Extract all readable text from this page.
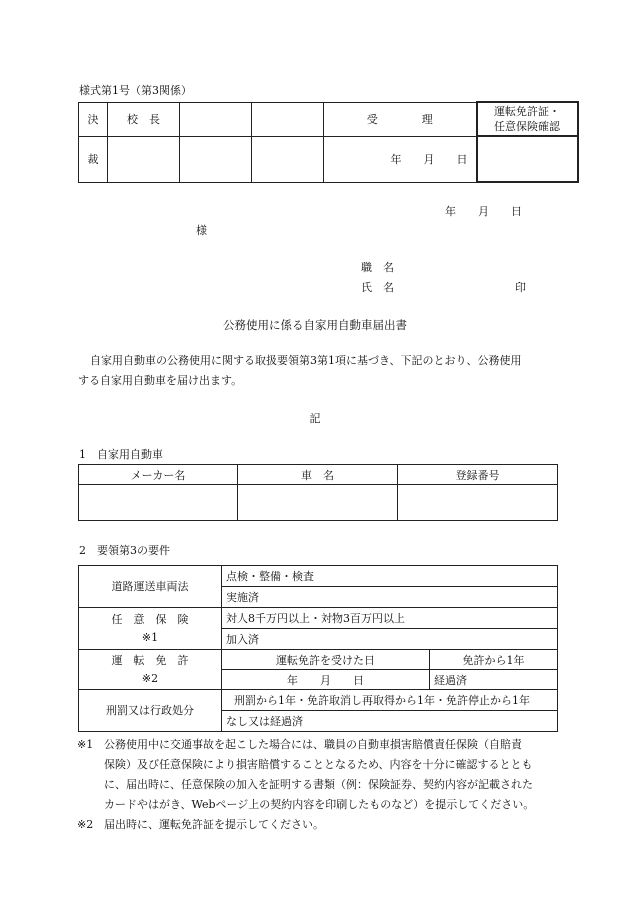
様式第1号（第3関係）
決	校　長			受　　　　理	運転免許証・
任意保険確認

裁				年　　月　　日	
年　　月　　日
様
職　名
氏　名	印
公務使用に係る自家用自動車届出書
自家用自動車の公務使用に関する取扱要領第3第1項に基づき、下記のとおり、公務使用
する自家用自動車を届け出ます。
記
1　自家用自動車
メーカー名	車　名	登録番号

2　要領第3の要件
道路運送車両法	点検・整備・検査	
	実施済	

任　意　保　険
※1	対人8千万円以上・対物3百万円以上	
	加入済	

運　転　免　許
※2	運転免許を受けた日	免許から1年
	年　　月　　日	経過済
刑罰又は行政処分	刑罰から1年・免許取消し再取得から1年・免許停止から1年	
	なし又は経過済	
※1 公務使用中に交通事故を起こした場合には、職員の自動車損害賠償責任保険（自賠責
保険）及び任意保険により損害賠償することとなるため、内容を十分に確認するととも
に、届出時に、任意保険の加入を証明する書類（例：保険証券、契約内容が記載された
カードやはがき、Webページ上の契約内容を印刷したものなど）を提示してください。
※2 届出時に、運転免許証を提示してください。
